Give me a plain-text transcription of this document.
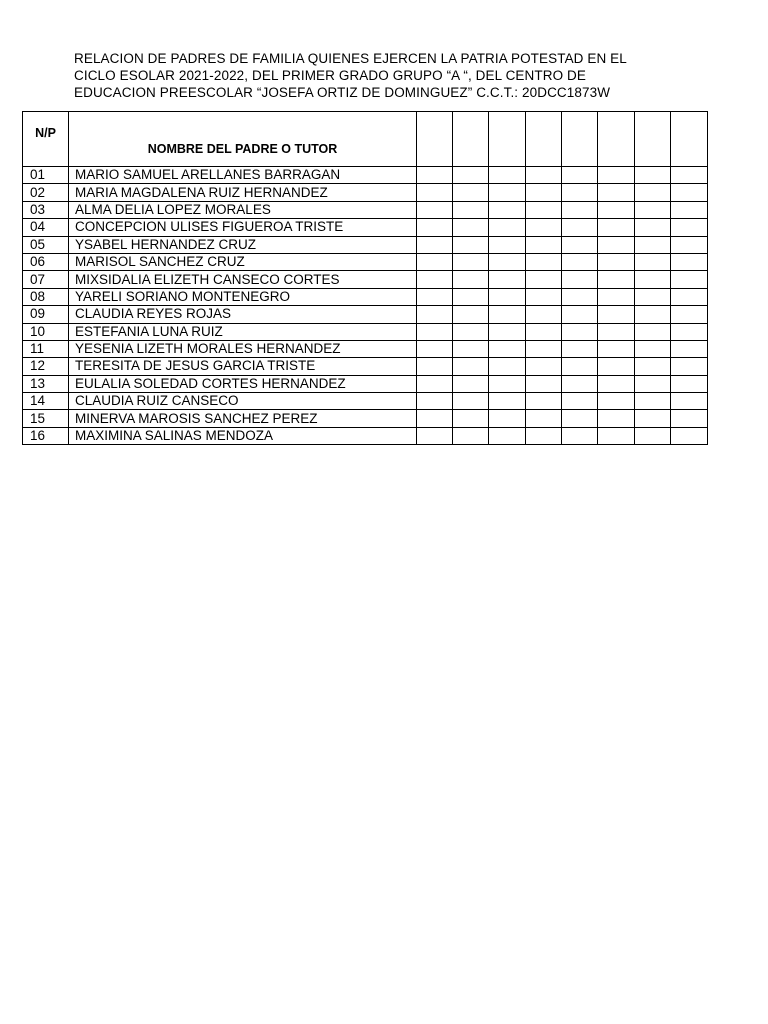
RELACION DE PADRES DE FAMILIA QUIENES EJERCEN LA PATRIA POTESTAD EN EL
CICLO ESOLAR 2021-2022, DEL PRIMER GRADO GRUPO “A “, DEL CENTRO DE
EDUCACION PREESCOLAR “JOSEFA ORTIZ DE DOMINGUEZ” C.C.T.: 20DCC1873W
N/P	NOMBRE DEL PADRE O TUTOR								
01	MARIO SAMUEL ARELLANES BARRAGAN								
02	MARIA MAGDALENA RUIZ HERNANDEZ								
03	ALMA DELIA LOPEZ MORALES								
04	CONCEPCION ULISES FIGUEROA TRISTE								
05	YSABEL HERNANDEZ CRUZ								
06	MARISOL SANCHEZ CRUZ								
07	MIXSIDALIA ELIZETH CANSECO CORTES								
08	YARELI SORIANO MONTENEGRO								
09	CLAUDIA REYES ROJAS								
10	ESTEFANIA LUNA RUIZ								
11	YESENIA LIZETH MORALES HERNANDEZ								
12	TERESITA DE JESUS GARCIA TRISTE								
13	EULALIA SOLEDAD CORTES HERNANDEZ								
14	CLAUDIA RUIZ CANSECO								
15	MINERVA MAROSIS SANCHEZ PEREZ								
16	MAXIMINA SALINAS MENDOZA								
